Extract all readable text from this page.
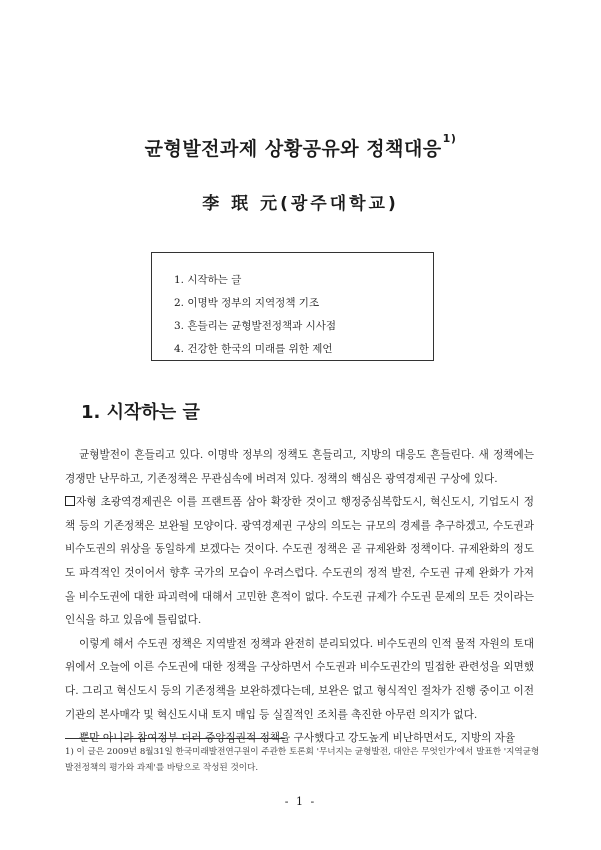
균형발전과제 상황공유와 정책대응$^{1)}$
李 珉 元(광주대학교)
1. 시작하는 글
2. 이명박 정부의 지역정책 기조
3. 흔들리는 균형발전정책과 시사점
4. 건강한 한국의 미래를 위한 제언
1. 시작하는 글

균형발전이 흔들리고 있다. 이명박 정부의 정책도 흔들리고, 지방의 대응도 흔들린다. 새 정책에는 경쟁만 난무하고, 기존정책은 무관심속에 버려져 있다. 정책의 핵심은 광역경제권 구상에 있다.

자형 초광역경제권은 이를 프랜트폼 삼아 확장한 것이고 행정중심복합도시, 혁신도시, 기업도시 정책 등의 기존정책은 보완될 모양이다. 광역경제권 구상의 의도는 규모의 경제를 추구하겠고, 수도권과 비수도권의 위상을 동일하게 보겠다는 것이다. 수도권 정책은 곧 규제완화 정책이다. 규제완화의 정도도 파격적인 것이어서 향후 국가의 모습이 우려스럽다. 수도권의 정적 발전, 수도권 규제 완화가 가져올 비수도권에 대한 파괴력에 대해서 고민한 흔적이 없다. 수도권 규제가 수도권 문제의 모든 것이라는 인식을 하고 있음에 틀림없다.

이렇게 해서 수도권 정책은 지역발전 정책과 완전히 분리되었다. 비수도권의 인적 물적 자원의 토대위에서 오늘에 이른 수도권에 대한 정책을 구상하면서 수도권과 비수도권간의 밀접한 관련성을 외면했다. 그리고 혁신도시 등의 기존정책을 보완하겠다는데, 보완은 없고 형식적인 절차가 진행 중이고 이전기관의 본사매각 및 혁신도시내 토지 매입 등 실질적인 조치를 촉진한 아무런 의지가 없다.

뿐만 아니라 참여정부 더러 중앙집권적 정책을 구사했다고 강도높게 비난하면서도, 지방의 자율

1) 이 글은 2009년 8월31일 한국미래발전연구원이 주관한 토론회 '무너지는 균형발전, 대안은 무엇인가'에서 발표한 '지역균형발전정책의 평가와 과제'를 바탕으로 작성된 것이다.
- 1 -
